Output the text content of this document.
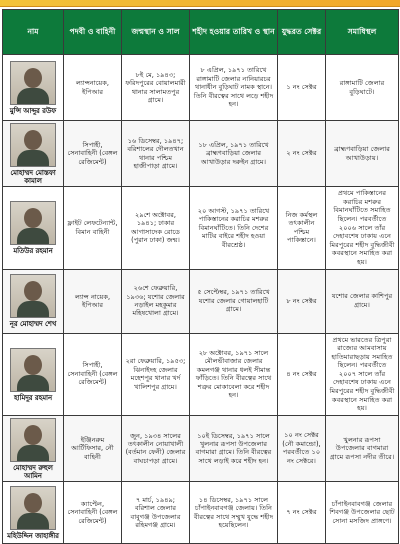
নাম	পদবী ও বাহিনী	জন্মস্থান ও সাল	শহীদ হওয়ার তারিখ ও স্থান	যুদ্ধরত সেক্টর	সমাধিস্থল

মুন্সি আব্দুর রউফ	ল্যান্সনায়েক, ইপিআর	৮ই মে, ১৯৪৩; ফরিদপুরের বোয়ালমারী থানার সালামতপুর গ্রামে।	৮ এপ্রিল, ১৯৭১ তারিখে রাঙ্গামাটি জেলার নানিয়ারচর থানাধীন বুড়িঘাট নামক স্থানে। তিনি বীরত্বের সাথে লড়ে শহীদ হন।	১ নং সেক্টর	রাঙ্গামাটি জেলার বুড়িঘাটে।

মোহাম্মদ মোস্তফা কামাল	সিপাহী, সেনাবাহিনী (বেঙ্গল রেজিমেন্ট)	১৬ ডিসেম্বর, ১৯৪৭; বরিশালের দৌলতখান থানার পশ্চিম হাজীপাড়া গ্রামে।	১৮ এপ্রিল, ১৯৭১ তারিখে ব্রাহ্মণবাড়িয়া জেলার আখাউড়ার দরুইন গ্রামে।	২ নং সেক্টর	ব্রাহ্মণবাড়িয়া জেলার আখাউড়ায়।

মতিউর রহমান	ফ্লাইট লেফটেন্যান্ট, বিমান বাহিনী	২৯শে অক্টোবর, ১৯৪১; ঢাকার আগাসাদেক রোডে (পুরান ঢাকা) জন্ম।	২০ আগস্ট, ১৯৭১ তারিখে পাকিস্তানের করাচির মশরুর বিমানঘাঁটিতে। তিনি দেশের মাটির বাইরে শহীদ হওয়া বীরশ্রেষ্ঠ।	নিজ কর্মস্থল তৎকালীন পশ্চিম পাকিস্তানে।	প্রথমে পাকিস্তানের করাচির মশরুর বিমানঘাঁটিতে সমাহিত ছিলেন। পরবর্তীতে ২০০৬ সালে তাঁর দেহাবশেষ ঢাকায় এনে মিরপুরের শহীদ বুদ্ধিজীবী কবরস্থানে সমাহিত করা হয়।

নূর মোহাম্মদ শেখ	ল্যান্স নায়েক, ইপিআর	২৬শে ফেব্রুয়ারি, ১৯৩৬; যশোর জেলার নড়াইল মহকুমার মহিষখোলা গ্রামে।	৫ সেপ্টেম্বর, ১৯৭১ তারিখে যশোর জেলার গোয়ালহাটি গ্রামে।	৮ নং সেক্টর	যশোর জেলার কাশিপুর গ্রামে।

হামিদুর রহমান	সিপাহী, সেনাবাহিনী (বেঙ্গল রেজিমেন্ট)	২রা ফেব্রুয়ারি, ১৯৫৩; ঝিনাইদহ জেলার মহেশপুর থানার খর্দ খালিশপুর গ্রামে।	২৮ অক্টোবর, ১৯৭১ সালে মৌলভীবাজার জেলার কমলগঞ্জ থানার ধলই সীমান্ত ফাঁড়িতে। তিনি বীরত্বের সাথে শত্রুর মোকাবেলা করে শহীদ হন।	৪ নং সেক্টর	প্রথমে ভারতের ত্রিপুরা রাজ্যের আমবাসায় হাতিমারাছড়ায় সমাহিত ছিলেন। পরবর্তীতে ২০০৭ সালে তাঁর দেহাবশেষ ঢাকায় এনে মিরপুরের শহীদ বুদ্ধিজীবী কবরস্থানে সমাহিত করা হয়।

মোহাম্মদ রুহুল আমিন	ইঞ্জিনরুম আর্টিফিসার, নৌ বাহিনী	জুন, ১৯৩৪ সালের তৎকালীন নোয়াখালী (বর্তমান ফেনী) জেলার বাঘচাপড়া গ্রামে।	১০ই ডিসেম্বর, ১৯৭১ সালে খুলনার রূপসা উপজেলার বাগমারা গ্রামে। তিনি বীরত্বের সাথে লড়াই করে শহীদ হন।	১০ নং সেক্টর (নৌ কমান্ডো), পরবর্তীতে ১০ নং সেক্টরে।	খুলনার রূপসা উপজেলার বাগমারা গ্রামে রূপসা নদীর তীরে।

মহিউদ্দিন জাহাঙ্গীর	ক্যাপ্টেন, সেনাবাহিনী (বেঙ্গল রেজিমেন্ট)	৭ মার্চ, ১৯৪৯; বরিশাল জেলার বাবুগঞ্জ উপজেলার রহিমগঞ্জ গ্রামে।	১৪ ডিসেম্বর, ১৯৭১ সালে চাঁপাইনবাবগঞ্জ জেলায়। তিনি বীরত্বের সাথে সম্মুখ যুদ্ধে শহীদ হয়েছিলেন।	৭ নং সেক্টর	চাঁপাইনবাবগঞ্জ জেলার শিবগঞ্জ উপজেলার ছোট সোনা মসজিদ প্রাঙ্গণে।
